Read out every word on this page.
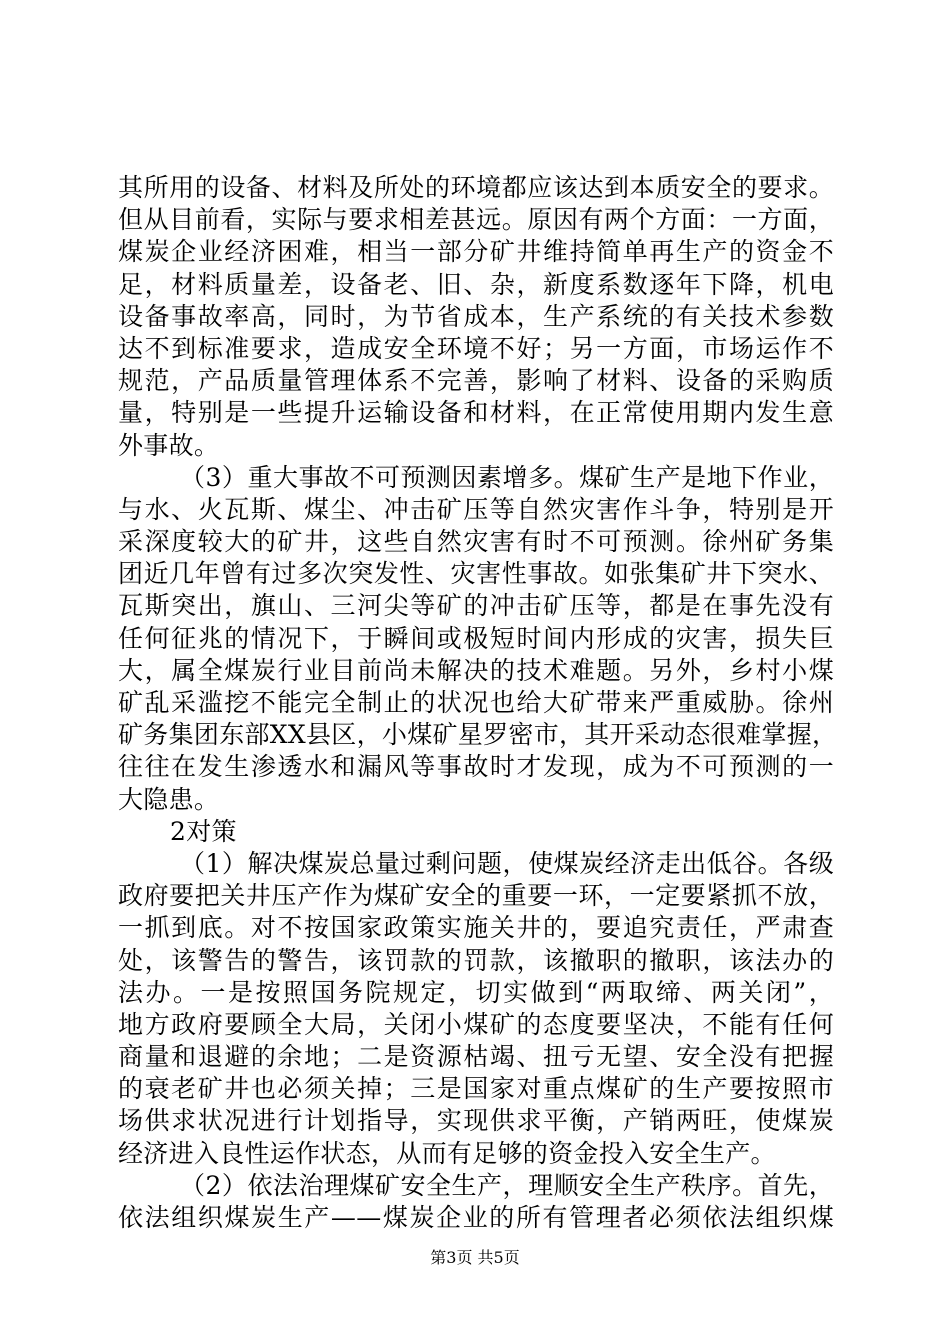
其所用的设备、材料及所处的环境都应该达到本质安全的要求。
但从目前看，实际与要求相差甚远。原因有两个方面：一方面，
煤炭企业经济困难，相当一部分矿井维持简单再生产的资金不
足，材料质量差，设备老、旧、杂，新度系数逐年下降，机电
设备事故率高，同时，为节省成本，生产系统的有关技术参数
达不到标准要求，造成安全环境不好；另一方面，市场运作不
规范，产品质量管理体系不完善，影响了材料、设备的采购质
量，特别是一些提升运输设备和材料，在正常使用期内发生意
外事故。
（3）重大事故不可预测因素增多。煤矿生产是地下作业，
与水、火瓦斯、煤尘、冲击矿压等自然灾害作斗争，特别是开
采深度较大的矿井，这些自然灾害有时不可预测。徐州矿务集
团近几年曾有过多次突发性、灾害性事故。如张集矿井下突水、
瓦斯突出，旗山、三河尖等矿的冲击矿压等，都是在事先没有
任何征兆的情况下，于瞬间或极短时间内形成的灾害，损失巨
大，属全煤炭行业目前尚未解决的技术难题。另外，乡村小煤
矿乱采滥挖不能完全制止的状况也给大矿带来严重威胁。徐州
矿务集团东部XX县区，小煤矿星罗密市，其开采动态很难掌握，
往往在发生渗透水和漏风等事故时才发现，成为不可预测的一
大隐患。
2对策
（1）解决煤炭总量过剩问题，使煤炭经济走出低谷。各级
政府要把关井压产作为煤矿安全的重要一环，一定要紧抓不放，
一抓到底。对不按国家政策实施关井的，要追究责任，严肃查
处，该警告的警告，该罚款的罚款，该撤职的撤职，该法办的
法办。一是按照国务院规定，切实做到“两取缔、两关闭”，
地方政府要顾全大局，关闭小煤矿的态度要坚决，不能有任何
商量和退避的余地；二是资源枯竭、扭亏无望、安全没有把握
的衰老矿井也必须关掉；三是国家对重点煤矿的生产要按照市
场供求状况进行计划指导，实现供求平衡，产销两旺，使煤炭
经济进入良性运作状态，从而有足够的资金投入安全生产。
（2）依法治理煤矿安全生产，理顺安全生产秩序。首先，
依法组织煤炭生产——煤炭企业的所有管理者必须依法组织煤
第3页 共5页
